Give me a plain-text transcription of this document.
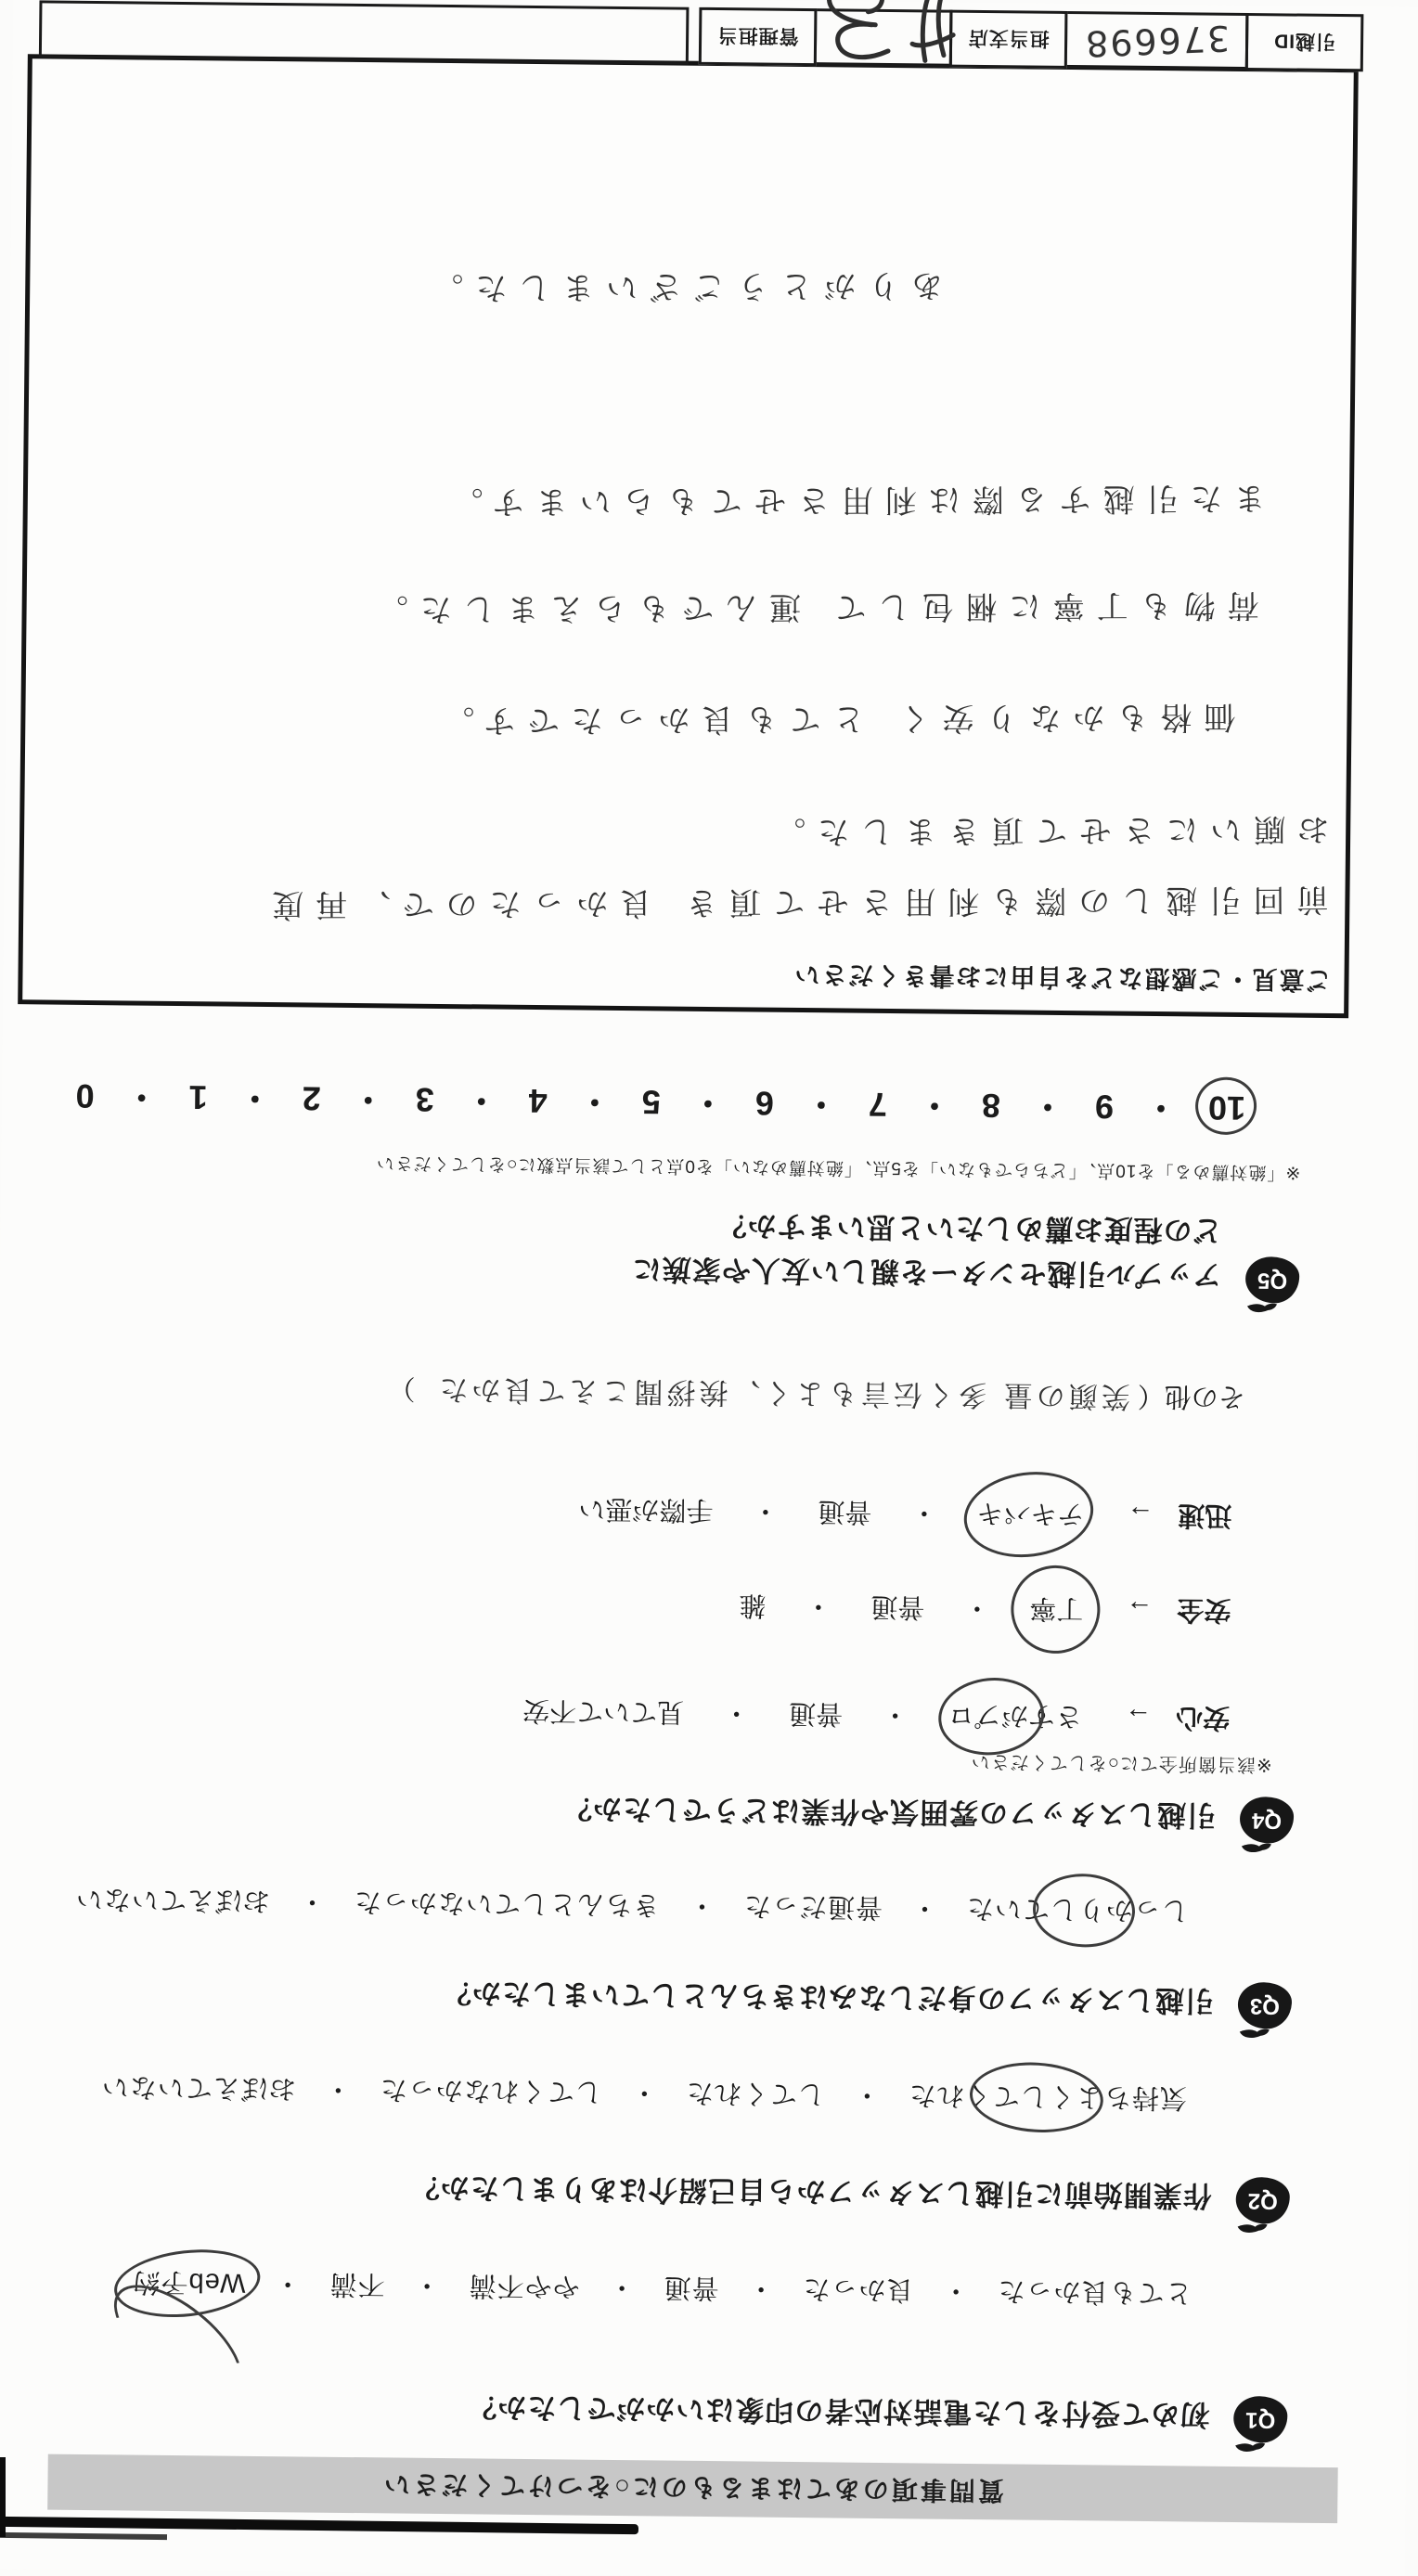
質問事項のあてはまるものに○をつけてください
Q1
初めて受付をした電話対応者の印象はいかがでしたか？
とても良かった・良かった・普通・やや不満・不満・Web予約
Q2
作業開始前に引越しスタッフから自己紹介はありましたか？
気持ちよくしてくれた・してくれた・してくれなかった・おぼえていない
Q3
引越しスタッフの身だしなみはきちんとしていましたか？
しっかりしていた・普通だった・きちんとしていなかった・おぼえていない
Q4
引越しスタッフの雰囲気や作業はどうでしたか？
※該当箇所全てに○をしてください
安心→さすがプロ・普通・見ていて不安
安全→丁寧・普通・雑
迅速→テキパキ・普通・手際が悪い
その他（ 笑顔の量 多く伝言もよく、挨拶聞こえて良かた ）
Q5
アップル引越センターを親しい友人や家族に
どの程度お薦めしたいと思いますか？
※「絶対薦める」を10点、「どちらでもない」を5点、「絶対薦めない」を0点として該当点数に○をしてください
10・9・8・7・6・5・4・3・2・1・0
ご意見・ご感想などを自由にお書きください
前回引越しの際も利用させて頂き 良かったので、再度
お願いにさせて頂きました。
価格もかなり安く とても良かったです。
荷物も丁寧に梱包して 運んでもらえました。
また引越する際は利用させてもらいます。
ありがとうございました。
引越ID
376698
担当支店
管理担当
